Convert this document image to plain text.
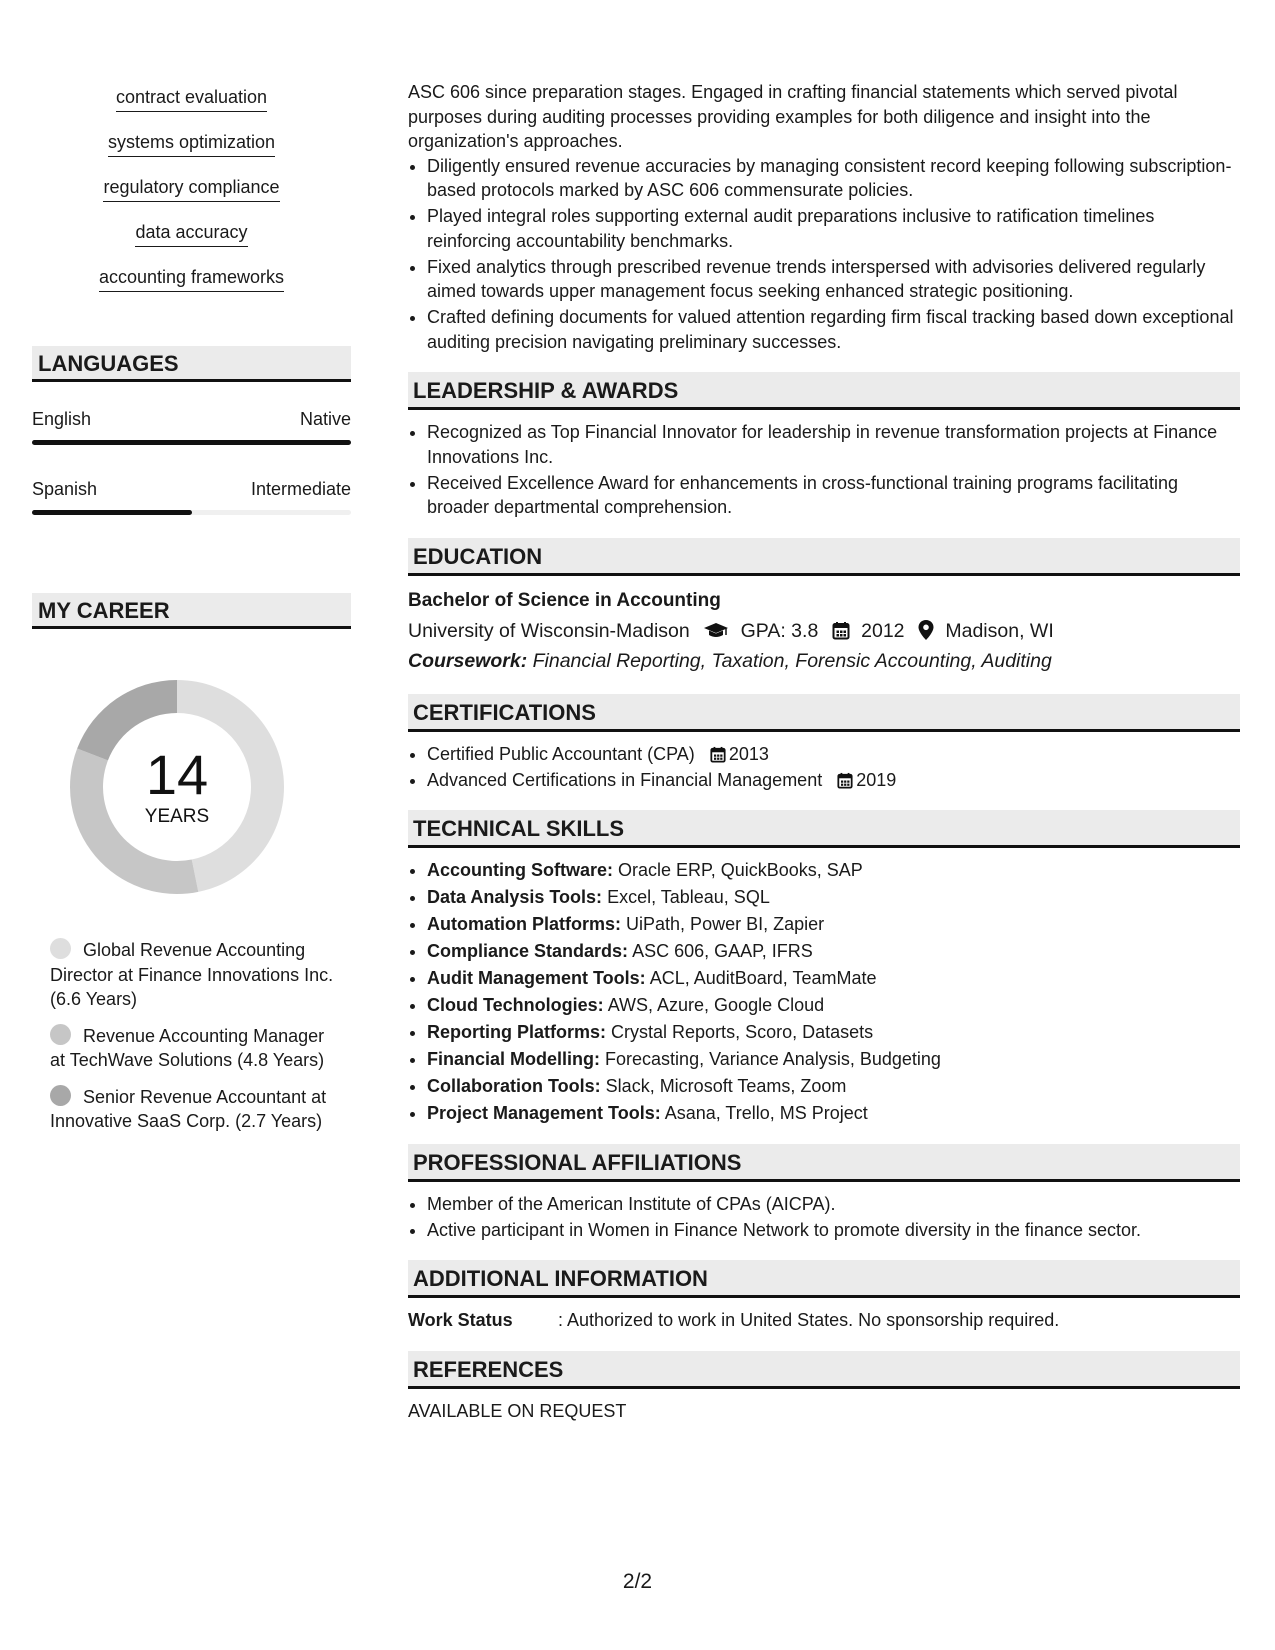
contract evaluation
systems optimization
regulatory compliance
data accuracy
accounting frameworks
LANGUAGES
English	Native
Spanish	Intermediate
MY CAREER
14
YEARS
Global Revenue Accounting Director at Finance Innovations Inc. (6.6 Years)
Revenue Accounting Manager at TechWave Solutions (4.8 Years)
Senior Revenue Accountant at Innovative SaaS Corp. (2.7 Years)

ASC 606 since preparation stages. Engaged in crafting financial statements which served pivotal purposes during auditing processes providing examples for both diligence and insight into the organization's approaches.

• Diligently ensured revenue accuracies by managing consistent record keeping following subscription-based protocols marked by ASC 606 commensurate policies.
• Played integral roles supporting external audit preparations inclusive to ratification timelines reinforcing accountability benchmarks.
• Fixed analytics through prescribed revenue trends interspersed with advisories delivered regularly aimed towards upper management focus seeking enhanced strategic positioning.
• Crafted defining documents for valued attention regarding firm fiscal tracking based down exceptional auditing precision navigating preliminary successes.
LEADERSHIP & AWARDS
• Recognized as Top Financial Innovator for leadership in revenue transformation projects at Finance Innovations Inc.
• Received Excellence Award for enhancements in cross-functional training programs facilitating broader departmental comprehension.
EDUCATION
Bachelor of Science in Accounting
University of Wisconsin-Madison	GPA: 3.8 2012 Madison, WI
Coursework: Financial Reporting, Taxation, Forensic Accounting, Auditing
CERTIFICATIONS
• Certified Public Accountant (CPA) 2013
• Advanced Certifications in Financial Management 2019
TECHNICAL SKILLS
• Accounting Software: Oracle ERP, QuickBooks, SAP
• Data Analysis Tools: Excel, Tableau, SQL
• Automation Platforms: UiPath, Power BI, Zapier
• Compliance Standards: ASC 606, GAAP, IFRS
• Audit Management Tools: ACL, AuditBoard, TeamMate
• Cloud Technologies: AWS, Azure, Google Cloud
• Reporting Platforms: Crystal Reports, Scoro, Datasets
• Financial Modelling: Forecasting, Variance Analysis, Budgeting
• Collaboration Tools: Slack, Microsoft Teams, Zoom
• Project Management Tools: Asana, Trello, MS Project
PROFESSIONAL AFFILIATIONS
• Member of the American Institute of CPAs (AICPA).
• Active participant in Women in Finance Network to promote diversity in the finance sector.
ADDITIONAL INFORMATION
Work Status	: Authorized to work in United States. No sponsorship required.
REFERENCES
AVAILABLE ON REQUEST
2/2
